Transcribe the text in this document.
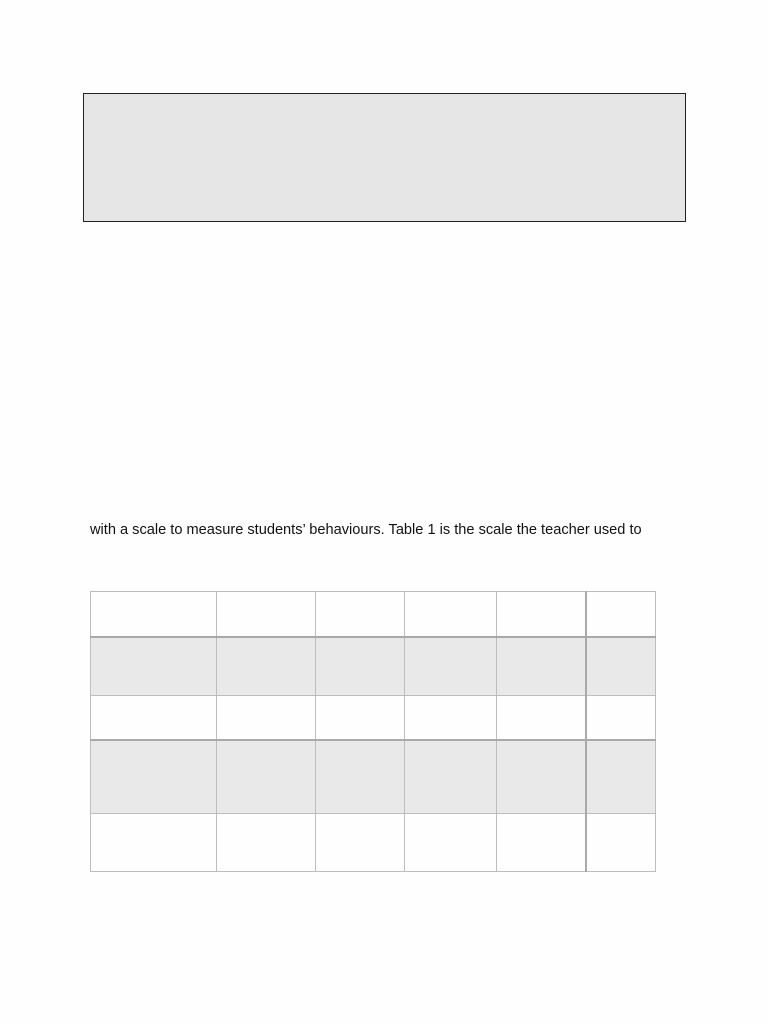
with a scale to measure students’ behaviours. Table 1 is the scale the teacher used to
